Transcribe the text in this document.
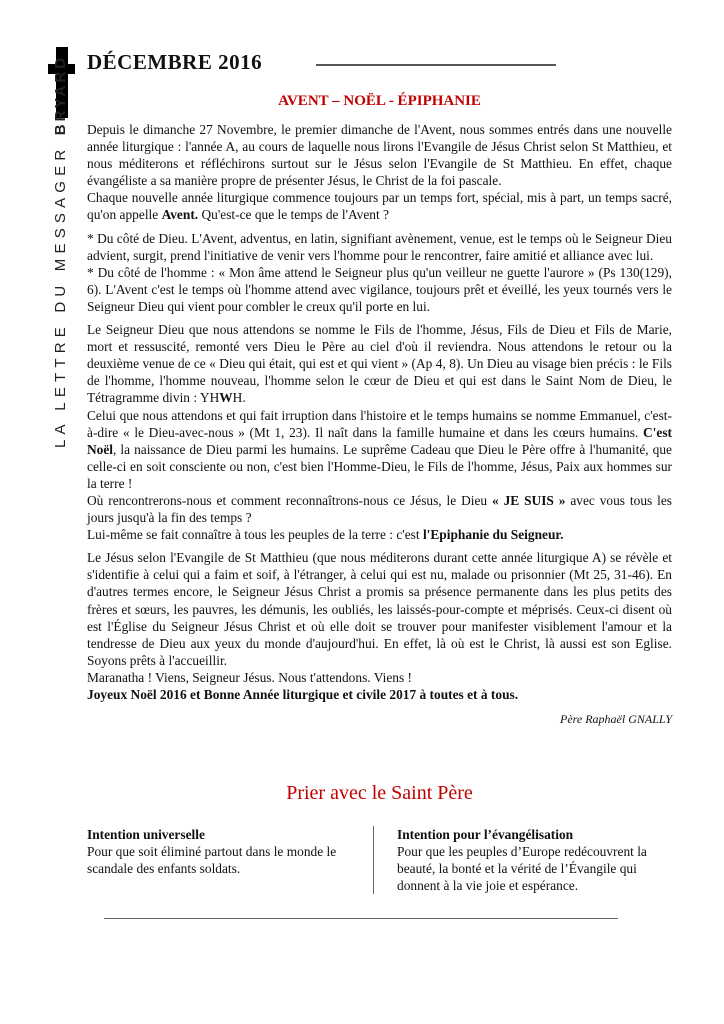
LA LETTRE DU MESSAGER BRYARD DÉCEMBRE 2016
AVENT – NOËL - ÉPIPHANIE

Depuis le dimanche 27 Novembre, le premier dimanche de l'Avent, nous sommes entrés dans une nouvelle année liturgique : l'année A, au cours de laquelle nous lirons l'Evangile de Jésus Christ selon St Matthieu, et nous méditerons et réfléchirons surtout sur le Jésus selon l'Evangile de St Matthieu. En effet, chaque évangéliste a sa manière propre de présenter Jésus, le Christ de la foi pascale.

Chaque nouvelle année liturgique commence toujours par un temps fort, spécial, mis à part, un temps sacré, qu'on appelle Avent. Qu'est-ce que le temps de l'Avent ?

* Du côté de Dieu. L'Avent, adventus, en latin, signifiant avènement, venue, est le temps où le Seigneur Dieu advient, surgit, prend l'initiative de venir vers l'homme pour le rencontrer, faire amitié et alliance avec lui.

* Du côté de l'homme : « Mon âme attend le Seigneur plus qu'un veilleur ne guette l'aurore » (Ps 130(129), 6). L'Avent c'est le temps où l'homme attend avec vigilance, toujours prêt et éveillé, les yeux tournés vers le Seigneur Dieu qui vient pour combler le creux qu'il porte en lui.

Le Seigneur Dieu que nous attendons se nomme le Fils de l'homme, Jésus, Fils de Dieu et Fils de Marie, mort et ressuscité, remonté vers Dieu le Père au ciel d'où il reviendra. Nous attendons le retour ou la deuxième venue de ce « Dieu qui était, qui est et qui vient » (Ap 4, 8). Un Dieu au visage bien précis : le Fils de l'homme, l'homme nouveau, l'homme selon le cœur de Dieu et qui est dans le Saint Nom de Dieu, le Tétragramme divin : YHWH.

Celui que nous attendons et qui fait irruption dans l'histoire et le temps humains se nomme Emmanuel, c'est-à-dire « le Dieu-avec-nous » (Mt 1, 23). Il naît dans la famille humaine et dans les cœurs humains. C'est Noël, la naissance de Dieu parmi les humains. Le suprême Cadeau que Dieu le Père offre à l'humanité, que celle-ci en soit consciente ou non, c'est bien l'Homme-Dieu, le Fils de l'homme, Jésus, Paix aux hommes sur la terre !

Où rencontrerons-nous et comment reconnaîtrons-nous ce Jésus, le Dieu « JE SUIS » avec vous tous les jours jusqu'à la fin des temps ?

Lui-même se fait connaître à tous les peuples de la terre : c'est l'Epiphanie du Seigneur.

Le Jésus selon l'Evangile de St Matthieu (que nous méditerons durant cette année liturgique A) se révèle et s'identifie à celui qui a faim et soif, à l'étranger, à celui qui est nu, malade ou prisonnier (Mt 25, 31-46). En d'autres termes encore, le Seigneur Jésus Christ a promis sa présence permanente dans les plus petits des frères et sœurs, les pauvres, les démunis, les oubliés, les laissés-pour-compte et méprisés. Ceux-ci disent où est l'Église du Seigneur Jésus Christ et où elle doit se trouver pour manifester visiblement l'amour et la tendresse de Dieu aux yeux du monde d'aujourd'hui. En effet, là où est le Christ, là aussi est son Eglise. Soyons prêts à l'accueillir.

Maranatha ! Viens, Seigneur Jésus. Nous t'attendons. Viens !

Joyeux Noël 2016 et Bonne Année liturgique et civile 2017 à toutes et à tous.

Père Raphaël GNALLY

Prier avec le Saint Père
Intention universelle
Pour que soit éliminé partout dans le monde le scandale des enfants soldats.
Intention pour l’évangélisation
Pour que les peuples d’Europe redécouvrent la beauté, la bonté et la vérité de l’Évangile qui donnent à la vie joie et espérance.
